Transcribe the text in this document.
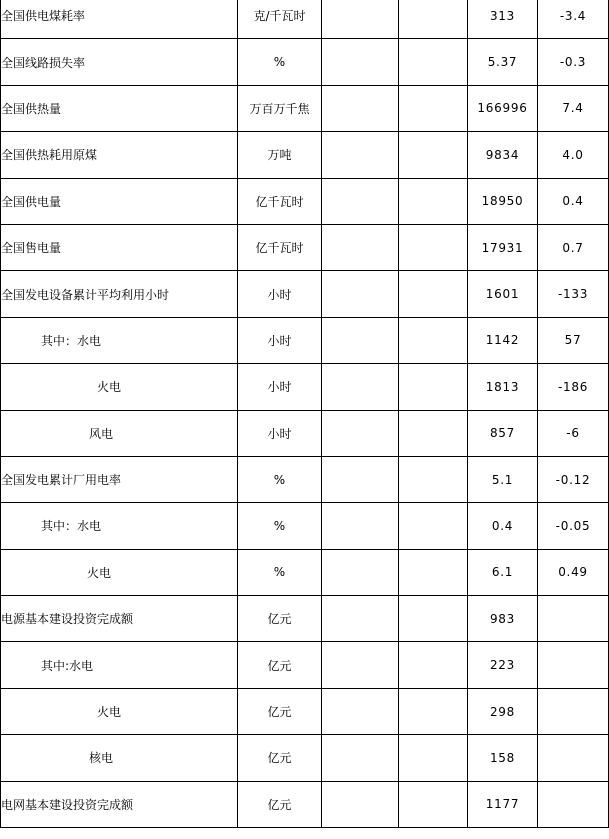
全国供电煤耗率	克/千瓦时			313	-3.4
全国线路损失率	%			5.37	-0.3
全国供热量	万百万千焦			166996	7.4
全国供热耗用原煤	万吨			9834	4.0
全国供电量	亿千瓦时			18950	0.4
全国售电量	亿千瓦时			17931	0.7
全国发电设备累计平均利用小时	小时			1601	-133
其中：水电	小时			1142	57
火电	小时			1813	-186
风电	小时			857	-6
全国发电累计厂用电率	%			5.1	-0.12
其中：水电	%			0.4	-0.05
火电	%			6.1	0.49
电源基本建设投资完成额	亿元			983	
其中:水电	亿元			223	
火电	亿元			298	
核电	亿元			158	
电网基本建设投资完成额	亿元			1177	
